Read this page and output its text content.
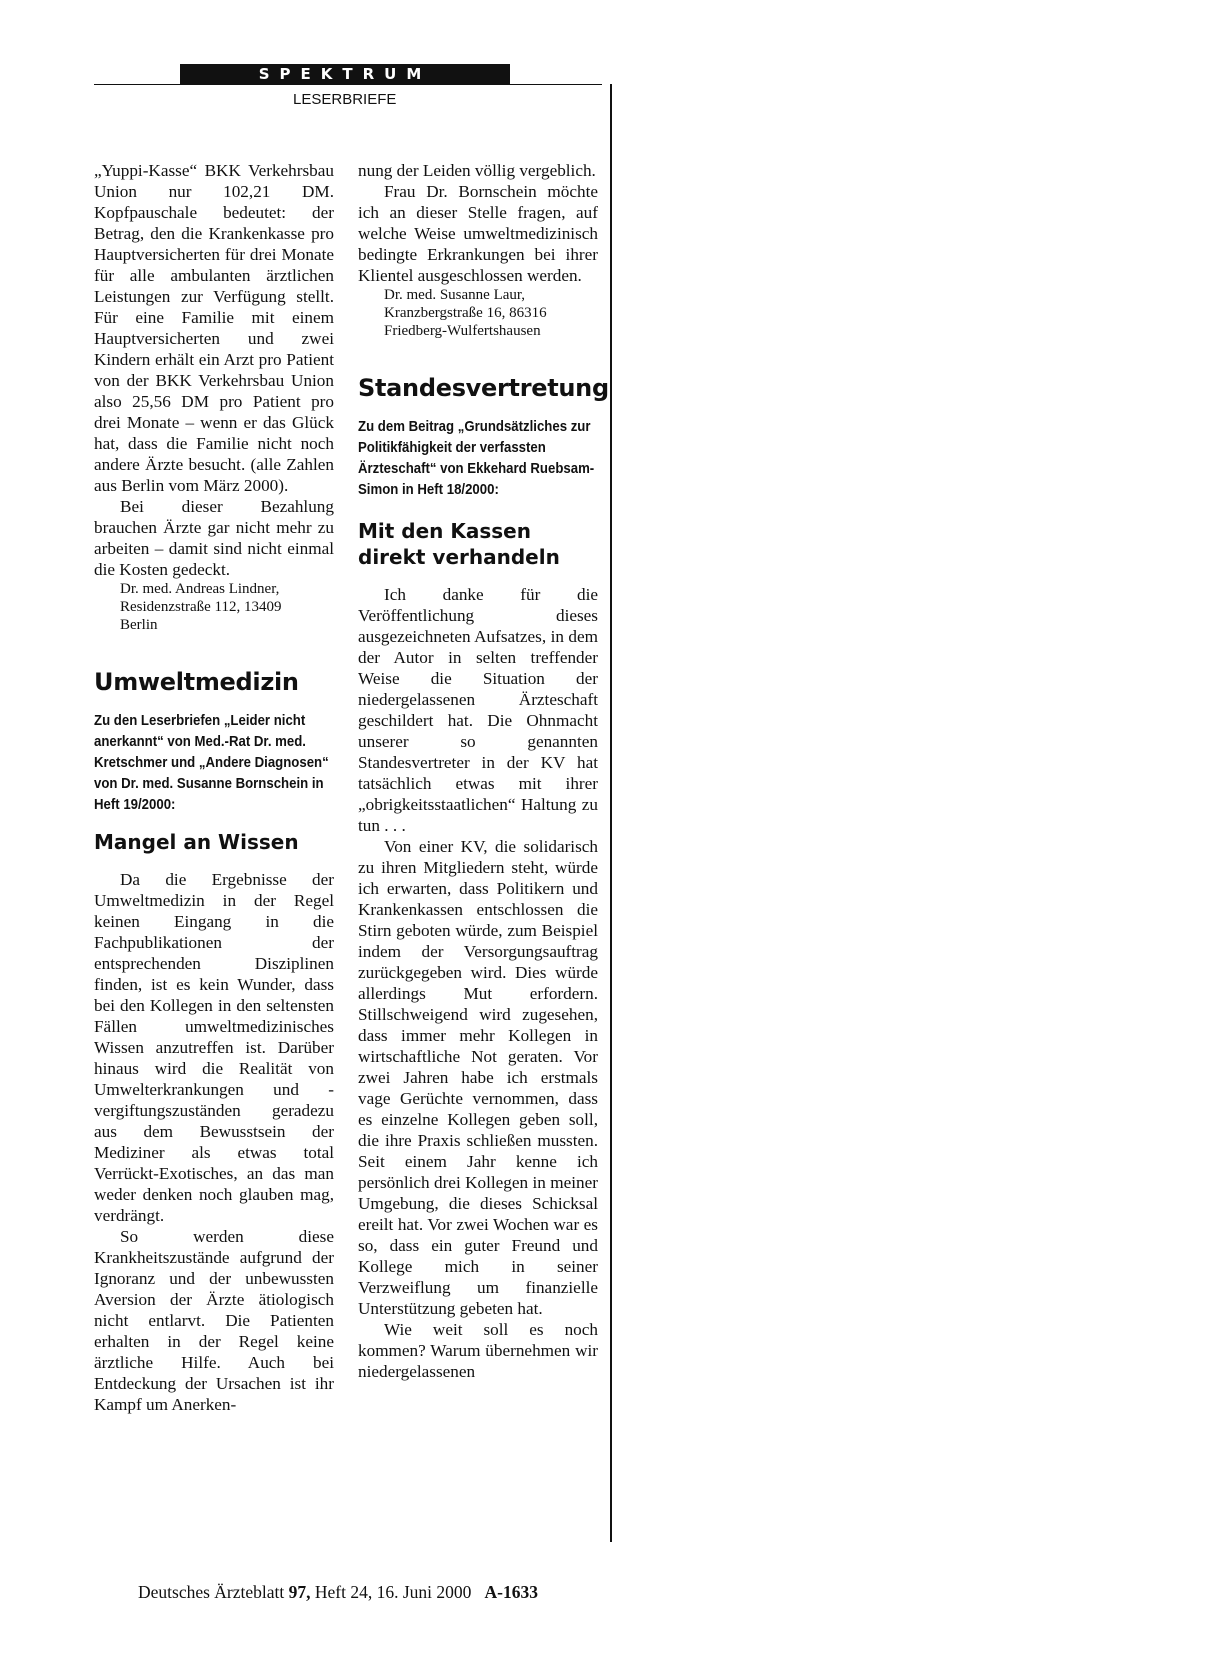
SPEKTRUM
LESERBRIEFE

„Yuppi-Kasse“ BKK Verkehrsbau Union nur 102,21 DM. Kopfpauschale bedeutet: der Betrag, den die Krankenkasse pro Hauptversicherten für drei Monate für alle ambulanten ärztlichen Leistungen zur Verfügung stellt. Für eine Familie mit einem Hauptversicherten und zwei Kindern erhält ein Arzt pro Patient von der BKK Verkehrsbau Union also 25,56 DM pro Patient pro drei Monate – wenn er das Glück hat, dass die Familie nicht noch andere Ärzte besucht. (alle Zahlen aus Berlin vom März 2000).

Bei dieser Bezahlung brauchen Ärzte gar nicht mehr zu arbeiten – damit sind nicht einmal die Kosten gedeckt.

Dr. med. Andreas Lindner,

Residenzstraße 112, 13409

Berlin

Umweltmedizin

Zu den Leserbriefen „Leider nicht anerkannt“ von Med.-Rat Dr. med. Kretschmer und „Andere Diagnosen“ von Dr. med. Susanne Bornschein in Heft 19/2000:

Mangel an Wissen

Da die Ergebnisse der Umweltmedizin in der Regel keinen Eingang in die Fachpublikationen der entsprechenden Disziplinen finden, ist es kein Wunder, dass bei den Kollegen in den seltensten Fällen umweltmedizinisches Wissen anzutreffen ist. Darüber hinaus wird die Realität von Umwelterkrankungen und -vergiftungszuständen geradezu aus dem Bewusstsein der Mediziner als etwas total Verrückt-Exotisches, an das man weder denken noch glauben mag, verdrängt.

So werden diese Krankheitszustände aufgrund der Ignoranz und der unbewussten Aversion der Ärzte ätiologisch nicht entlarvt. Die Patienten erhalten in der Regel keine ärztliche Hilfe. Auch bei Entdeckung der Ursachen ist ihr Kampf um Anerken-

nung der Leiden völlig vergeblich.

Frau Dr. Bornschein möchte ich an dieser Stelle fragen, auf welche Weise umweltmedizinisch bedingte Erkrankungen bei ihrer Klientel ausgeschlossen werden.

Dr. med. Susanne Laur,

Kranzbergstraße 16, 86316

Friedberg-Wulfertshausen

Standesvertretung

Zu dem Beitrag „Grundsätzliches zur Politikfähigkeit der verfassten Ärzteschaft“ von Ekkehard Ruebsam-Simon in Heft 18/2000:

Mit den Kassen
direkt verhandeln

Ich danke für die Veröffentlichung dieses ausgezeichneten Aufsatzes, in dem der Autor in selten treffender Weise die Situation der niedergelassenen Ärzteschaft geschildert hat. Die Ohnmacht unserer so genannten Standesvertreter in der KV hat tatsächlich etwas mit ihrer „obrigkeitsstaatlichen“ Haltung zu tun . . .

Von einer KV, die solidarisch zu ihren Mitgliedern steht, würde ich erwarten, dass Politikern und Krankenkassen entschlossen die Stirn geboten würde, zum Beispiel indem der Versorgungsauftrag zurückgegeben wird. Dies würde allerdings Mut erfordern. Stillschweigend wird zugesehen, dass immer mehr Kollegen in wirtschaftliche Not geraten. Vor zwei Jahren habe ich erstmals vage Gerüchte vernommen, dass es einzelne Kollegen geben soll, die ihre Praxis schließen mussten. Seit einem Jahr kenne ich persönlich drei Kollegen in meiner Umgebung, die dieses Schicksal ereilt hat. Vor zwei Wochen war es so, dass ein guter Freund und Kollege mich in seiner Verzweiflung um finanzielle Unterstützung gebeten hat.

Wie weit soll es noch kommen? Warum übernehmen wir niedergelassenen

Deutsches Ärzteblatt 97, Heft 24, 16. Juni 2000 A-1633
